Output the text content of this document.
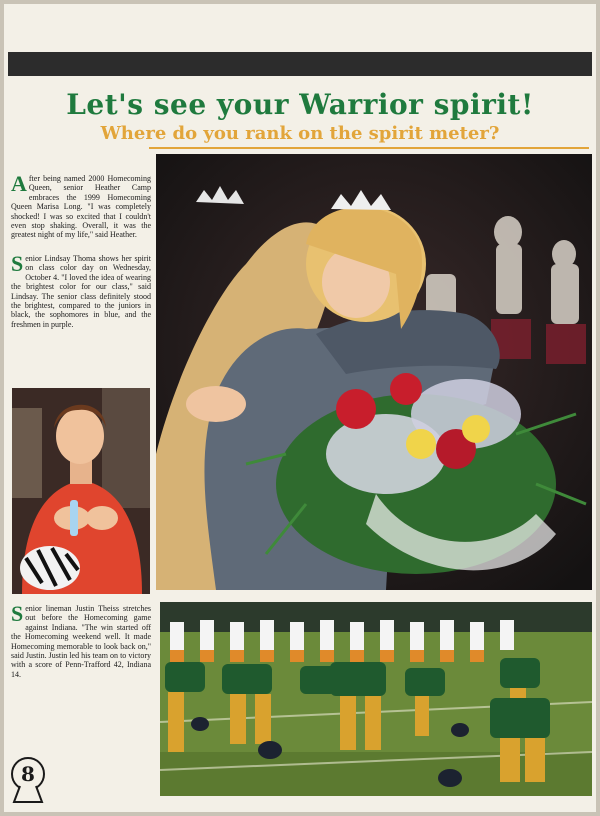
Let's see your Warrior spirit!
Where do you rank on the spirit meter?
After being named 2000 Homecoming Queen, senior Heather Camp embraces the 1999 Homecoming Queen Marisa Long. "I was completely shocked! I was so excited that I couldn't even stop shaking. Overall, it was the greatest night of my life," said Heather.
Senior Lindsay Thoma shows her spirit on class color day on Wednesday, October 4. "I loved the idea of wearing the brightest color for our class," said Lindsay. The senior class definitely stood the brightest, compared to the juniors in black, the sophomores in blue, and the freshmen in purple.
Senior lineman Justin Theiss stretches out before the Homecoming game against Indiana. "The win started off the Homecoming weekend well. It made Homecoming memorable to look back on," said Justin. Justin led his team on to victory with a score of Penn-Trafford 42, Indiana 14.
8
